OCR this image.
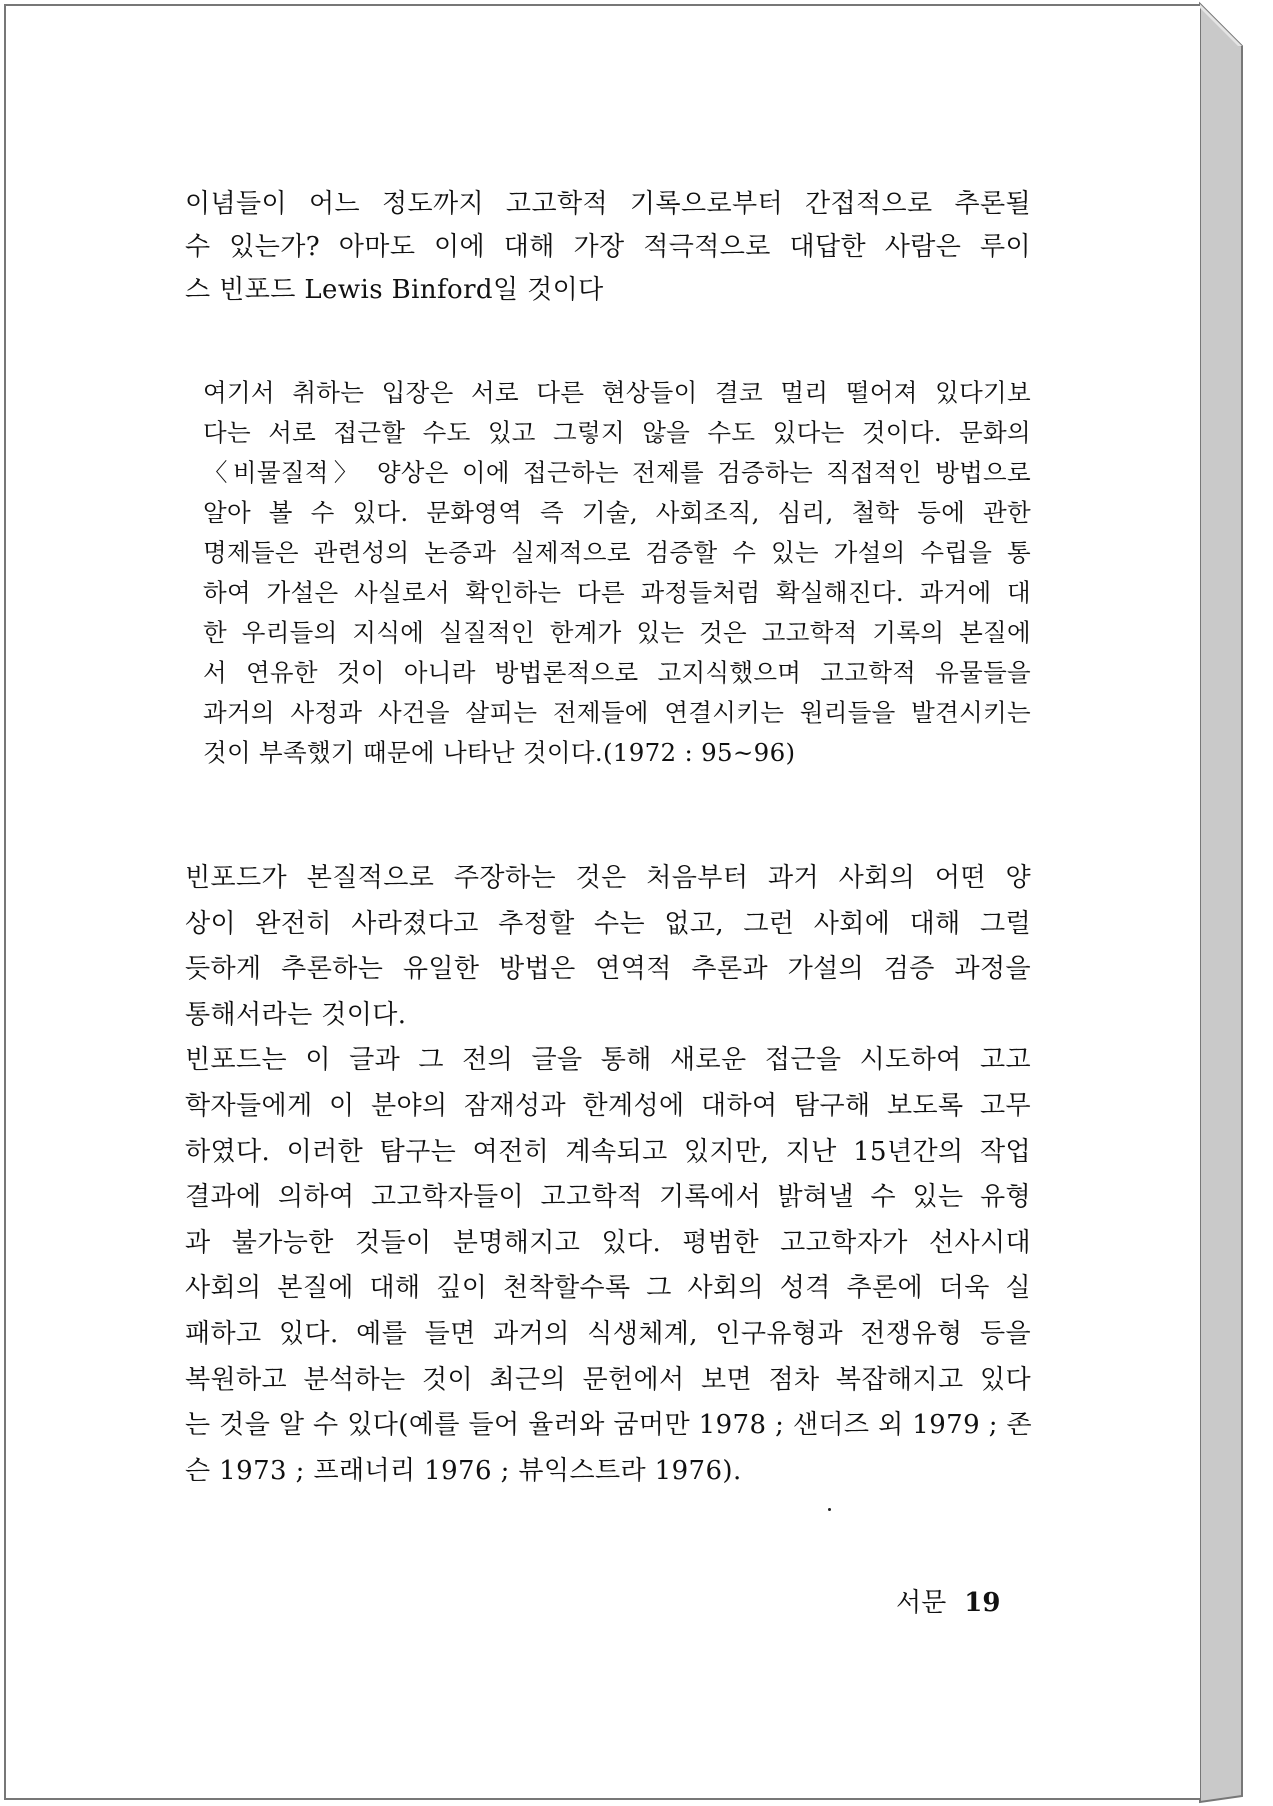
이념들이 어느 정도까지 고고학적 기록으로부터 간접적으로 추론될
수 있는가? 아마도 이에 대해 가장 적극적으로 대답한 사람은 루이
스 빈포드 Lewis Binford일 것이다
여기서 취하는 입장은 서로 다른 현상들이 결코 멀리 떨어져 있다기보
다는 서로 접근할 수도 있고 그렇지 않을 수도 있다는 것이다. 문화의
〈비물질적〉 양상은 이에 접근하는 전제를 검증하는 직접적인 방법으로
알아 볼 수 있다. 문화영역 즉 기술, 사회조직, 심리, 철학 등에 관한
명제들은 관련성의 논증과 실제적으로 검증할 수 있는 가설의 수립을 통
하여 가설은 사실로서 확인하는 다른 과정들처럼 확실해진다. 과거에 대
한 우리들의 지식에 실질적인 한계가 있는 것은 고고학적 기록의 본질에
서 연유한 것이 아니라 방법론적으로 고지식했으며 고고학적 유물들을
과거의 사정과 사건을 살피는 전제들에 연결시키는 원리들을 발견시키는
것이 부족했기 때문에 나타난 것이다.(1972 : 95~96)
빈포드가 본질적으로 주장하는 것은 처음부터 과거 사회의 어떤 양
상이 완전히 사라졌다고 추정할 수는 없고, 그런 사회에 대해 그럴
듯하게 추론하는 유일한 방법은 연역적 추론과 가설의 검증 과정을
통해서라는 것이다.
빈포드는 이 글과 그 전의 글을 통해 새로운 접근을 시도하여 고고
학자들에게 이 분야의 잠재성과 한계성에 대하여 탐구해 보도록 고무
하였다. 이러한 탐구는 여전히 계속되고 있지만, 지난 15년간의 작업
결과에 의하여 고고학자들이 고고학적 기록에서 밝혀낼 수 있는 유형
과 불가능한 것들이 분명해지고 있다. 평범한 고고학자가 선사시대
사회의 본질에 대해 깊이 천착할수록 그 사회의 성격 추론에 더욱 실
패하고 있다. 예를 들면 과거의 식생체계, 인구유형과 전쟁유형 등을
복원하고 분석하는 것이 최근의 문헌에서 보면 점차 복잡해지고 있다
는 것을 알 수 있다(예를 들어 율러와 굼머만 1978 ; 샌더즈 외 1979 ; 존
슨 1973 ; 프래너리 1976 ; 뷰익스트라 1976).
서문 19
